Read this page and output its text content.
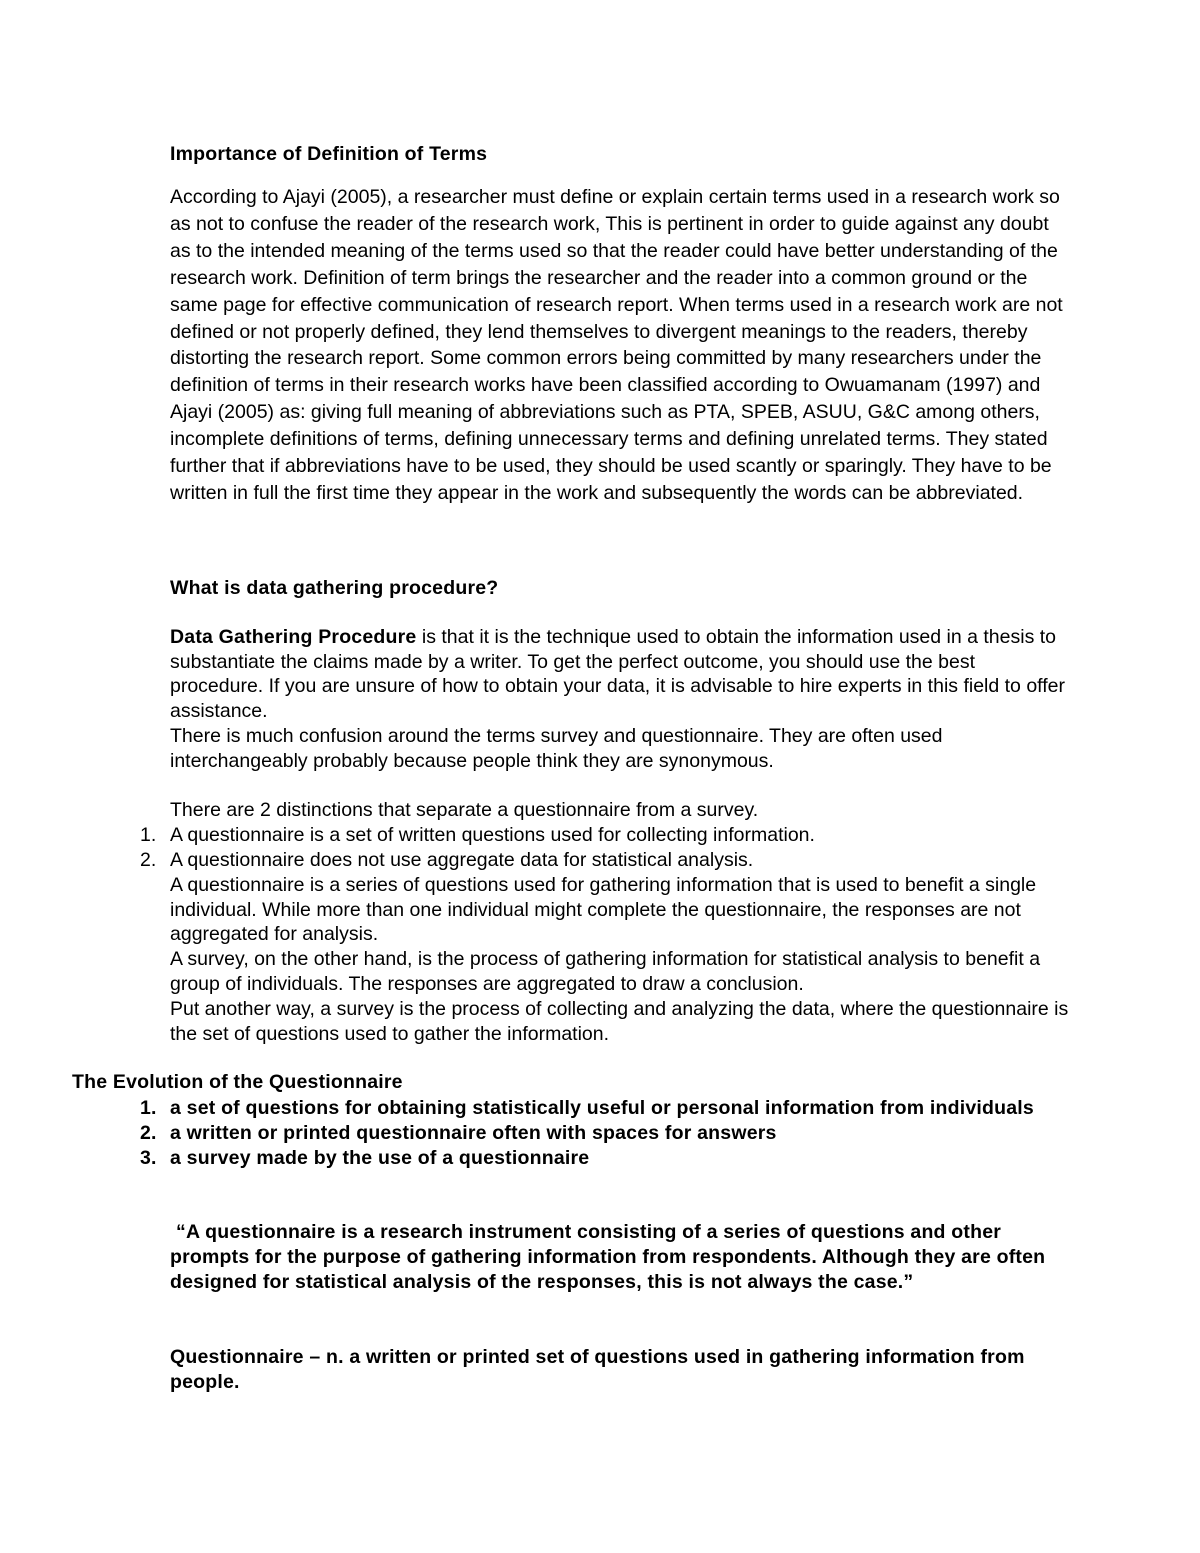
Importance of Definition of Terms

According to Ajayi (2005), a researcher must define or explain certain terms used in a research work so as not to confuse the reader of the research work, This is pertinent in order to guide against any doubt as to the intended meaning of the terms used so that the reader could have better understanding of the research work. Definition of term brings the researcher and the reader into a common ground or the same page for effective communication of research report. When terms used in a research work are not defined or not properly defined, they lend themselves to divergent meanings to the readers, thereby distorting the research report. Some common errors being committed by many researchers under the definition of terms in their research works have been classified according to Owuamanam (1997) and Ajayi (2005) as: giving full meaning of abbreviations such as PTA, SPEB, ASUU, G&C among others, incomplete definitions of terms, defining unnecessary terms and defining unrelated terms. They stated further that if abbreviations have to be used, they should be used scantly or sparingly. They have to be written in full the first time they appear in the work and subsequently the words can be abbreviated.

What is data gathering procedure?
Data Gathering Procedure is that it is the technique used to obtain the information used in a thesis to substantiate the claims made by a writer. To get the perfect outcome, you should use the best procedure. If you are unsure of how to obtain your data, it is advisable to hire experts in this field to offer assistance.
There is much confusion around the terms survey and questionnaire. They are often used interchangeably probably because people think they are synonymous.
There are 2 distinctions that separate a questionnaire from a survey.
1. A questionnaire is a set of written questions used for collecting information.
2. A questionnaire does not use aggregate data for statistical analysis.
A questionnaire is a series of questions used for gathering information that is used to benefit a single individual. While more than one individual might complete the questionnaire, the responses are not aggregated for analysis.
A survey, on the other hand, is the process of gathering information for statistical analysis to benefit a group of individuals. The responses are aggregated to draw a conclusion.
Put another way, a survey is the process of collecting and analyzing the data, where the questionnaire is the set of questions used to gather the information.
The Evolution of the Questionnaire
1. a set of questions for obtaining statistically useful or personal information from individuals
2. a written or printed questionnaire often with spaces for answers
3. a survey made by the use of a questionnaire
“A questionnaire is a research instrument consisting of a series of questions and other prompts for the purpose of gathering information from respondents. Although they are often designed for statistical analysis of the responses, this is not always the case.”
Questionnaire – n. a written or printed set of questions used in gathering information from people.
